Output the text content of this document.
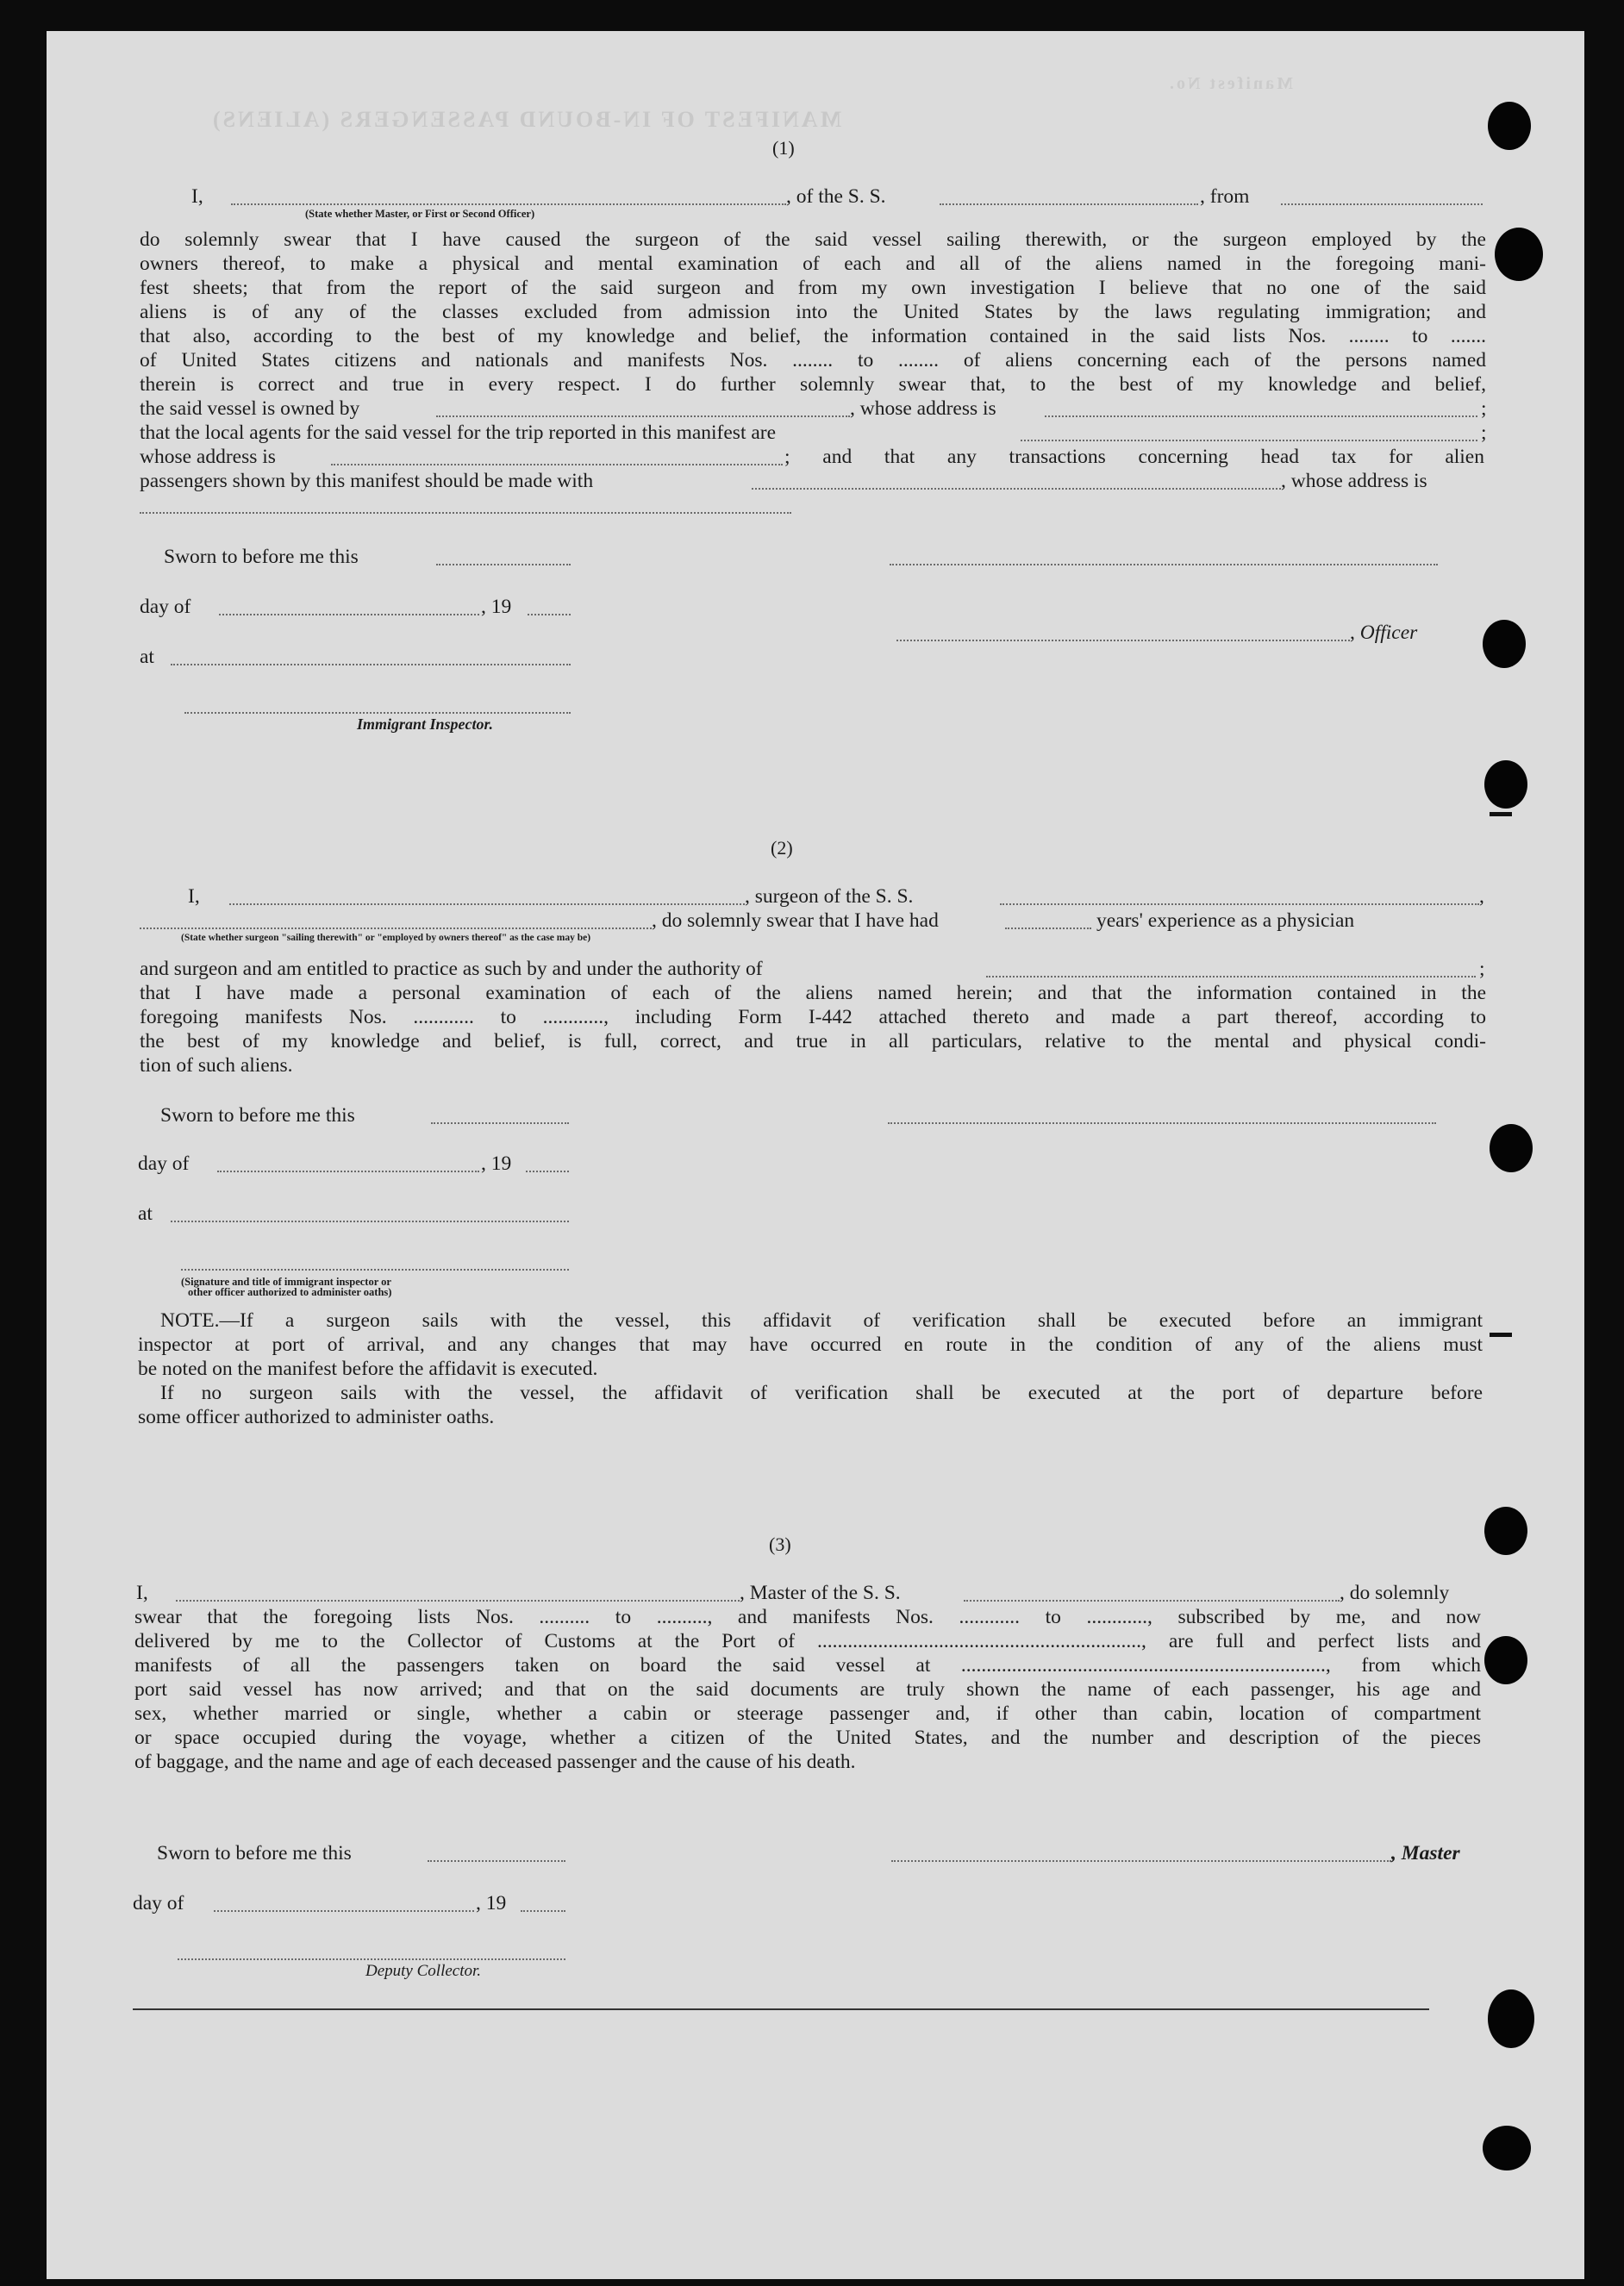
MANIFEST OF IN-BOUND PASSENGERS (ALIENS)
Manifest No.
(1)
I,	, of the S. S.	, from
(State whether Master, or First or Second Officer)
do solemnly swear that I have caused the surgeon of the said vessel sailing therewith, or the surgeon employed by the
owners thereof, to make a physical and mental examination of each and all of the aliens named in the foregoing mani-
fest sheets; that from the report of the said surgeon and from my own investigation I believe that no one of the said
aliens is of any of the classes excluded from admission into the United States by the laws regulating immigration; and
that also, according to the best of my knowledge and belief, the information contained in the said lists Nos. ........ to .......
of United States citizens and nationals and manifests Nos. ........ to ........ of aliens concerning each of the persons named
therein is correct and true in every respect. I do further solemnly swear that, to the best of my knowledge and belief,
the said vessel is owned by	, whose address is	;
that the local agents for the said vessel for the trip reported in this manifest are	;
whose address is	; and that any transactions concerning head tax for alien
passengers shown by this manifest should be made with	, whose address is
Sworn to before me this
day of	, 19
, Officer
at
Immigrant Inspector.
(2)
I,	, surgeon of the S. S.	,
, do solemnly swear that I have had	years' experience as a physician
(State whether surgeon "sailing therewith" or "employed by owners thereof" as the case may be)
and surgeon and am entitled to practice as such by and under the authority of	;
that I have made a personal examination of each of the aliens named herein; and that the information contained in the
foregoing manifests Nos. ............ to ............, including Form I-442 attached thereto and made a part thereof, according to
the best of my knowledge and belief, is full, correct, and true in all particulars, relative to the mental and physical condi-
tion of such aliens.
Sworn to before me this
day of	, 19
at
(Signature and title of immigrant inspector or
other officer authorized to administer oaths)
NOTE.—If a surgeon sails with the vessel, this affidavit of verification shall be executed before an immigrant
inspector at port of arrival, and any changes that may have occurred en route in the condition of any of the aliens must
be noted on the manifest before the affidavit is executed.
If no surgeon sails with the vessel, the affidavit of verification shall be executed at the port of departure before
some officer authorized to administer oaths.
(3)
I,	, Master of the S. S.	, do solemnly
swear that the foregoing lists Nos. .......... to .........., and manifests Nos. ............ to ............, subscribed by me, and now
delivered by me to the Collector of Customs at the Port of ................................................................, are full and perfect lists and
manifests of all the passengers taken on board the said vessel at ........................................................................, from which
port said vessel has now arrived; and that on the said documents are truly shown the name of each passenger, his age and
sex, whether married or single, whether a cabin or steerage passenger and, if other than cabin, location of compartment
or space occupied during the voyage, whether a citizen of the United States, and the number and description of the pieces
of baggage, and the name and age of each deceased passenger and the cause of his death.
Sworn to before me this	, Master
day of	, 19
Deputy Collector.
